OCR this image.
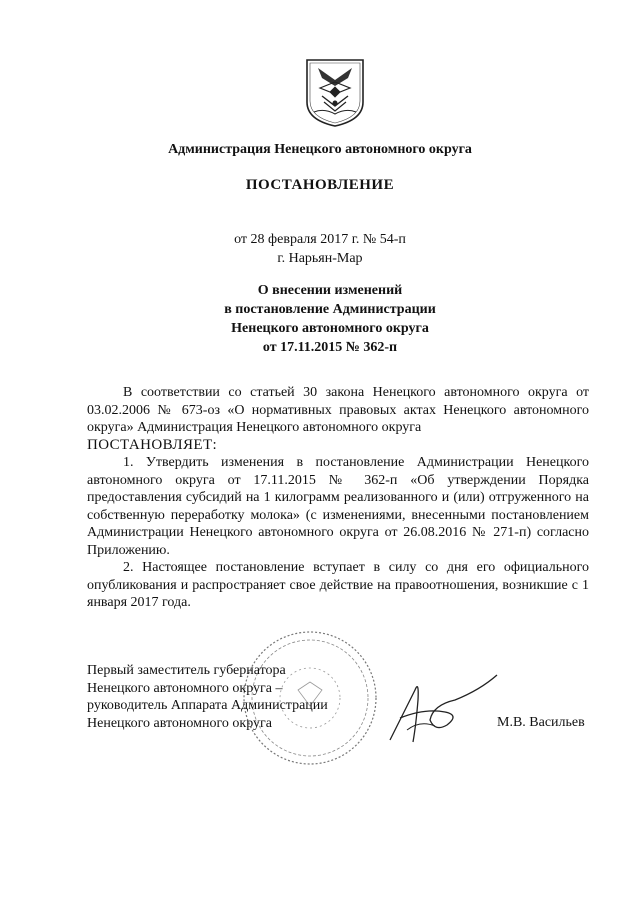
Администрация Ненецкого автономного округа
ПОСТАНОВЛЕНИЕ
от 28 февраля 2017 г. № 54-п
г. Нарьян-Мар
О внесении изменений
в постановление Администрации
Ненецкого автономного округа
от 17.11.2015 № 362-п

В соответствии со статьей 30 закона Ненецкого автономного округа от 03.02.2006 № 673-оз «О нормативных правовых актах Ненецкого автономного округа» Администрация Ненецкого автономного округа

ПОСТАНОВЛЯЕТ:

1. Утвердить изменения в постановление Администрации Ненецкого автономного округа от 17.11.2015 № 362-п «Об утверждении Порядка предоставления субсидий на 1 килограмм реализованного и (или) отгруженного на собственную переработку молока» (с изменениями, внесенными постановлением Администрации Ненецкого автономного округа от 26.08.2016 № 271-п) согласно Приложению.

2. Настоящее постановление вступает в силу со дня его официального опубликования и распространяет свое действие на правоотношения, возникшие с 1 января 2017 года.

Первый заместитель губернатора
Ненецкого автономного округа –
руководитель Аппарата Администрации
Ненецкого автономного округа	М.В. Васильев
